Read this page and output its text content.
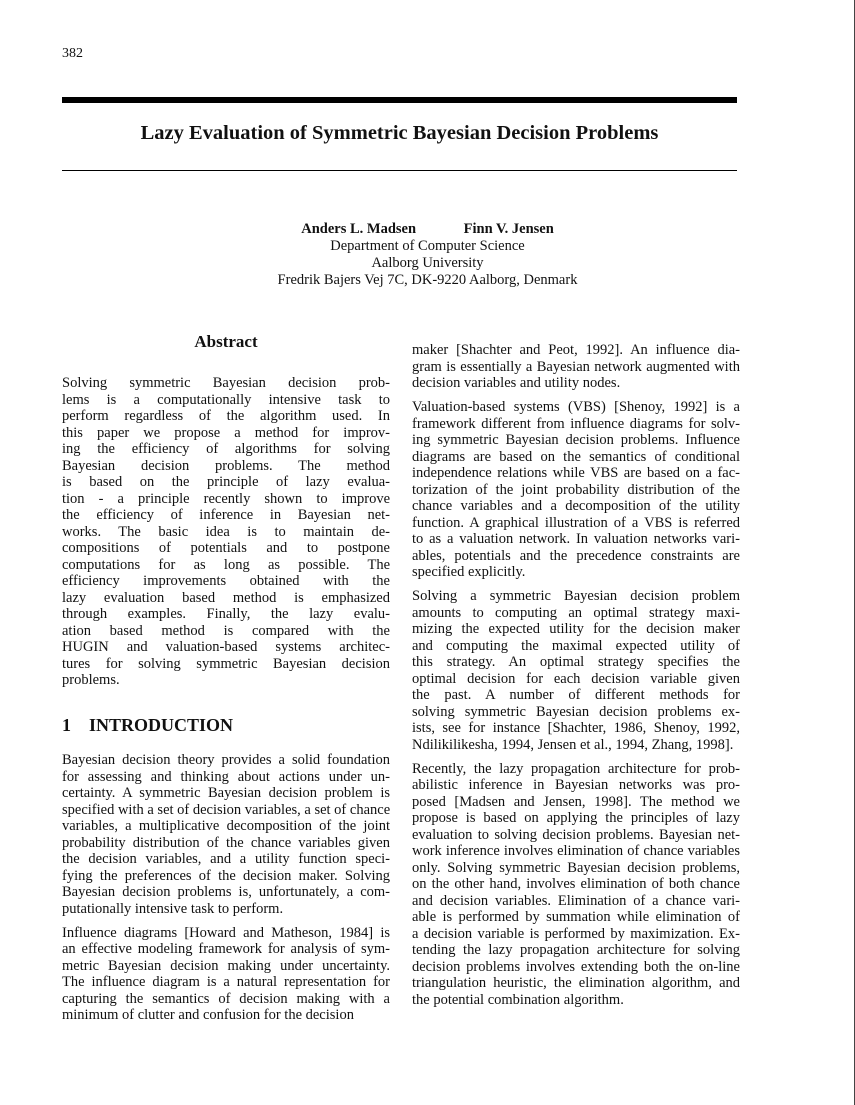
382
Lazy Evaluation of Symmetric Bayesian Decision Problems
Anders L. Madsen	Finn V. Jensen
Department of Computer Science
Aalborg University
Fredrik Bajers Vej 7C, DK-9220 Aalborg, Denmark
Abstract
Solving symmetric Bayesian decision prob-
lems is a computationally intensive task to
perform regardless of the algorithm used. In
this paper we propose a method for improv-
ing the efficiency of algorithms for solving
Bayesian decision problems. The method
is based on the principle of lazy evalua-
tion - a principle recently shown to improve
the efficiency of inference in Bayesian net-
works. The basic idea is to maintain de-
compositions of potentials and to postpone
computations for as long as possible. The
efficiency improvements obtained with the
lazy evaluation based method is emphasized
through examples. Finally, the lazy evalu-
ation based method is compared with the
HUGIN and valuation-based systems architec-
tures for solving symmetric Bayesian decision
problems.
1 INTRODUCTION
Bayesian decision theory provides a solid foundation
for assessing and thinking about actions under un-
certainty. A symmetric Bayesian decision problem is
specified with a set of decision variables, a set of chance
variables, a multiplicative decomposition of the joint
probability distribution of the chance variables given
the decision variables, and a utility function speci-
fying the preferences of the decision maker. Solving
Bayesian decision problems is, unfortunately, a com-
putationally intensive task to perform.
Influence diagrams [Howard and Matheson, 1984] is
an effective modeling framework for analysis of sym-
metric Bayesian decision making under uncertainty.
The influence diagram is a natural representation for
capturing the semantics of decision making with a
minimum of clutter and confusion for the decision
maker [Shachter and Peot, 1992]. An influence dia-
gram is essentially a Bayesian network augmented with
decision variables and utility nodes.
Valuation-based systems (VBS) [Shenoy, 1992] is a
framework different from influence diagrams for solv-
ing symmetric Bayesian decision problems. Influence
diagrams are based on the semantics of conditional
independence relations while VBS are based on a fac-
torization of the joint probability distribution of the
chance variables and a decomposition of the utility
function. A graphical illustration of a VBS is referred
to as a valuation network. In valuation networks vari-
ables, potentials and the precedence constraints are
specified explicitly.
Solving a symmetric Bayesian decision problem
amounts to computing an optimal strategy maxi-
mizing the expected utility for the decision maker
and computing the maximal expected utility of
this strategy. An optimal strategy specifies the
optimal decision for each decision variable given
the past. A number of different methods for
solving symmetric Bayesian decision problems ex-
ists, see for instance [Shachter, 1986, Shenoy, 1992,
Ndilikilikesha, 1994, Jensen et al., 1994, Zhang, 1998].
Recently, the lazy propagation architecture for prob-
abilistic inference in Bayesian networks was pro-
posed [Madsen and Jensen, 1998]. The method we
propose is based on applying the principles of lazy
evaluation to solving decision problems. Bayesian net-
work inference involves elimination of chance variables
only. Solving symmetric Bayesian decision problems,
on the other hand, involves elimination of both chance
and decision variables. Elimination of a chance vari-
able is performed by summation while elimination of
a decision variable is performed by maximization. Ex-
tending the lazy propagation architecture for solving
decision problems involves extending both the on-line
triangulation heuristic, the elimination algorithm, and
the potential combination algorithm.
